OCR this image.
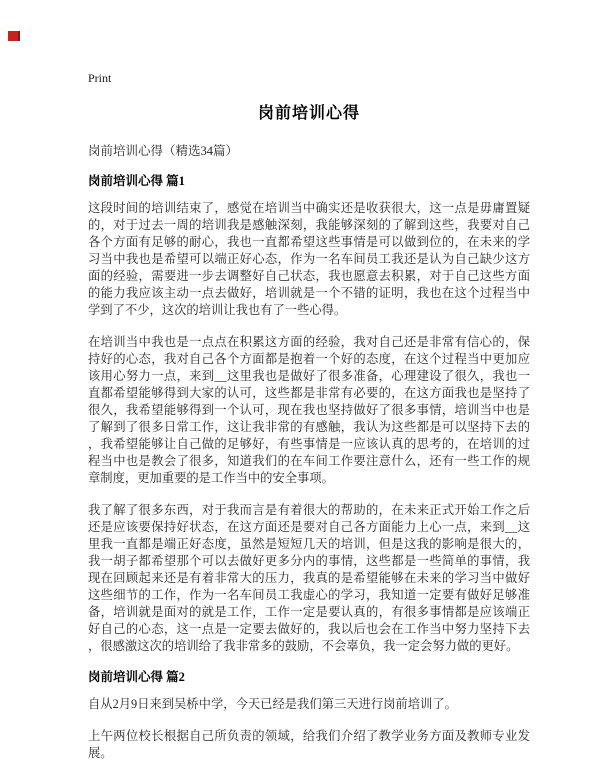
Print
岗前培训心得
岗前培训心得（精选34篇）
岗前培训心得 篇1

这段时间的培训结束了，感觉在培训当中确实还是收获很大，这一点是毋庸置疑的，对于过去一周的培训我是感触深刻，我能够深刻的了解到这些，我要对自己各个方面有足够的耐心，我也一直都希望这些事情是可以做到位的，在未来的学习当中我也是希望可以端正好心态，作为一名车间员工我还是认为自己缺少这方面的经验，需要进一步去调整好自己状态，我也愿意去积累，对于自己这些方面的能力我应该主动一点去做好，培训就是一个不错的证明，我也在这个过程当中学到了不少，这次的培训让我也有了一些心得。

在培训当中我也是一点点在积累这方面的经验，我对自己还是非常有信心的，保持好的心态，我对自己各个方面都是抱着一个好的态度，在这个过程当中更加应该用心努力一点，来到__这里我也是做好了很多准备，心理建设了很久，我也一直都希望能够得到大家的认可，这些都是非常有必要的，在这方面我也是坚持了很久，我希望能够得到一个认可，现在我也坚持做好了很多事情，培训当中也是了解到了很多日常工作，这让我非常的有感触，我认为这些都是可以坚持下去的，我希望能够让自己做的足够好，有些事情是一应该认真的思考的，在培训的过程当中也是教会了很多，知道我们的在车间工作要注意什么，还有一些工作的规章制度，更加重要的是工作当中的安全事项。

我了解了很多东西，对于我而言是有着很大的帮助的，在未来正式开始工作之后还是应该要保持好状态，在这方面还是要对自己各方面能力上心一点，来到__这里我一直都是端正好态度，虽然是短短几天的培训，但是这我的影响是很大的，我一胡子都希望那个可以去做好更多分内的事情，这些都是一些简单的事情，我现在回顾起来还是有着非常大的压力，我真的是希望能够在未来的学习当中做好这些细节的工作，作为一名车间员工我虚心的学习，我知道一定要有做好足够准备，培训就是面对的就是工作，工作一定是要认真的，有很多事情都是应该端正好自己的心态，这一点是一定要去做好的，我以后也会在工作当中努力坚持下去，很感激这次的培训给了我非常多的鼓励，不会辜负，我一定会努力做的更好。

岗前培训心得 篇2

自从2月9日来到吴桥中学，今天已经是我们第三天进行岗前培训了。

上午两位校长根据自己所负责的领域，给我们介绍了教学业务方面及教师专业发展。
